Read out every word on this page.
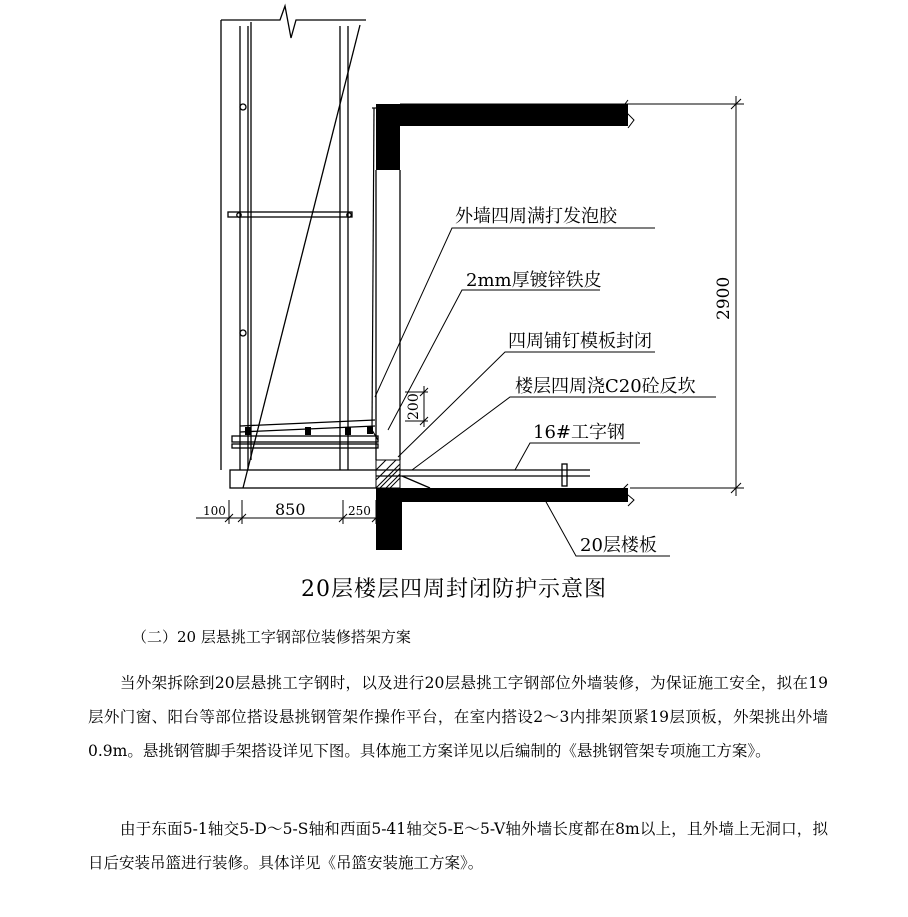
外墙四周满打发泡胶
2mm厚镀锌铁皮
四周铺钉模板封闭
楼层四周浇C20砼反坎
16#工字钢
20层楼板
2900
200
100	850	250
20层楼层四周封闭防护示意图
（二）20 层悬挑工字钢部位装修搭架方案

当外架拆除到20层悬挑工字钢时，以及进行20层悬挑工字钢部位外墙装修，为保证施工安全，拟在19层外门窗、阳台等部位搭设悬挑钢管架作操作平台，在室内搭设2～3内排架顶紧19层顶板，外架挑出外墙0.9m。悬挑钢管脚手架搭设详见下图。具体施工方案详见以后编制的《悬挑钢管架专项施工方案》。

由于东面5-1轴交5-D～5-S轴和西面5-41轴交5-E～5-V轴外墙长度都在8m以上，且外墙上无洞口，拟日后安装吊篮进行装修。具体详见《吊篮安装施工方案》。
